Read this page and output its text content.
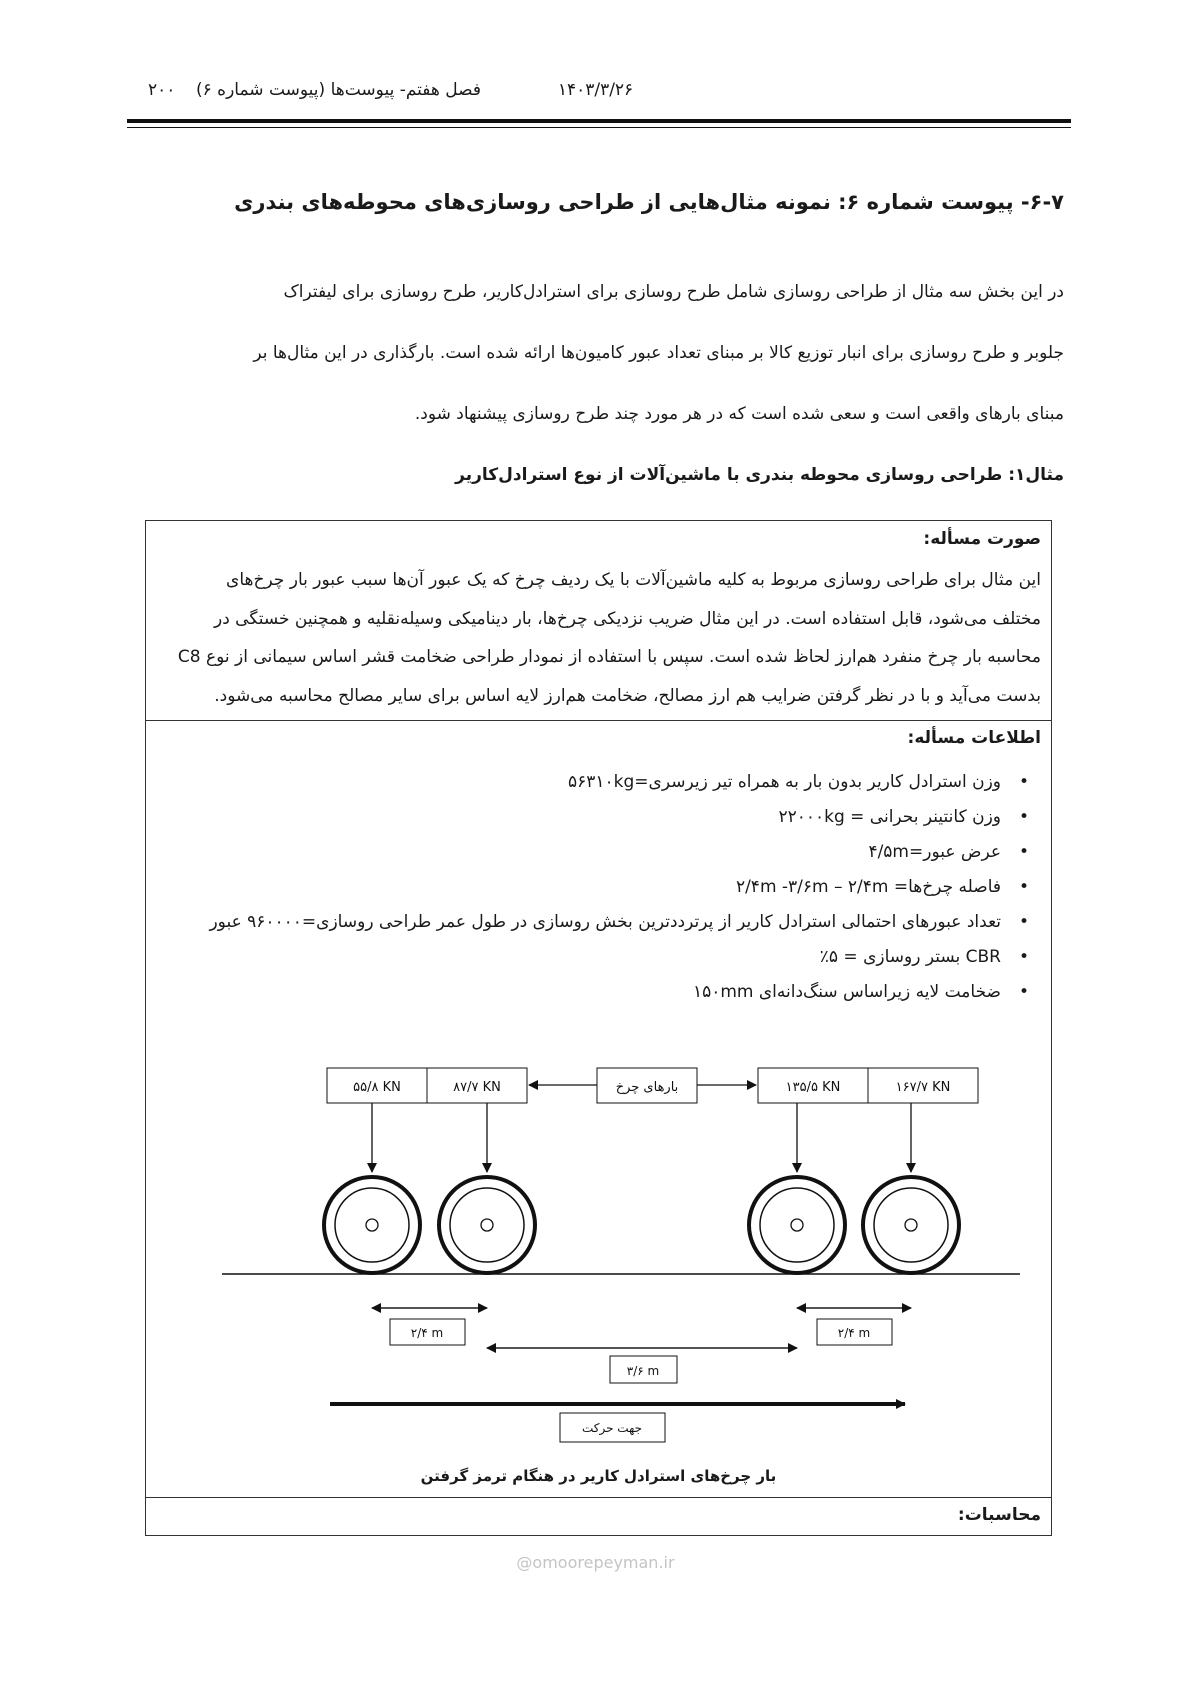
۲۰۰	۱۴۰۳/۳/۲۶
فصل هفتم- پیوست‌ها (پیوست شماره ۶)
۶-۷- پیوست شماره ۶: نمونه مثال‌هایی از طراحی روسازی‌های محوطه‌های بندری

در این بخش سه مثال از طراحی روسازی شامل طرح روسازی برای استرادل‌کاریر، طرح روسازی برای لیفتراک

جلوبر و طرح روسازی برای انبار توزیع کالا بر مبنای تعداد عبور کامیون‌ها ارائه شده است. بارگذاری در این مثال‌ها بر

مبنای بارهای واقعی است و سعی شده است که در هر مورد چند طرح روسازی پیشنهاد شود.

مثال۱: طراحی روسازی محوطه بندری با ماشین‌آلات از نوع استرادل‌کاریر
صورت مسأله:

این مثال برای طراحی روسازی مربوط به کلیه ماشین‌آلات با یک ردیف چرخ که یک عبور آن‌ها سبب عبور بار چرخ‌های

مختلف می‌شود، قابل استفاده است. در این مثال ضریب نزدیکی چرخ‌ها، بار دینامیکی وسیله‌نقلیه و همچنین خستگی در

محاسبه بار چرخ منفرد هم‌ارز لحاظ شده است. سپس با استفاده از نمودار طراحی ضخامت قشر اساس سیمانی از نوع C8

بدست می‌آید و با در نظر گرفتن ضرایب هم ارز مصالح، ضخامت هم‌ارز لایه اساس برای سایر مصالح محاسبه می‌شود.

اطلاعات مسأله:
• وزن استرادل کاریر بدون بار به همراه تیر زیرسری=۵۶۳۱۰kg
• وزن کانتینر بحرانی = ۲۲۰۰۰kg
• عرض عبور=۴/۵m
• فاصله چرخ‌ها= ۲/۴m -۳/۶m – ۲/۴m
• تعداد عبورهای احتمالی استرادل کاریر از پرترددترین بخش روسازی در طول عمر طراحی روسازی=۹۶۰۰۰۰ عبور
• CBR بستر روسازی = ۵٪
• ضخامت لایه زیراساس سنگ‌دانه‌ای ۱۵۰mm
محاسبات:
۵۵/۸ KN	۸۷/۷ KN	بارهای چرخ	۱۳۵/۵ KN	۱۶۷/۷ KN
۲/۴ m	۲/۴ m
۳/۶ m
جهت حرکت
بار چرخ‌های استرادل کاریر در هنگام ترمز گرفتن
@omoorepeyman.ir
